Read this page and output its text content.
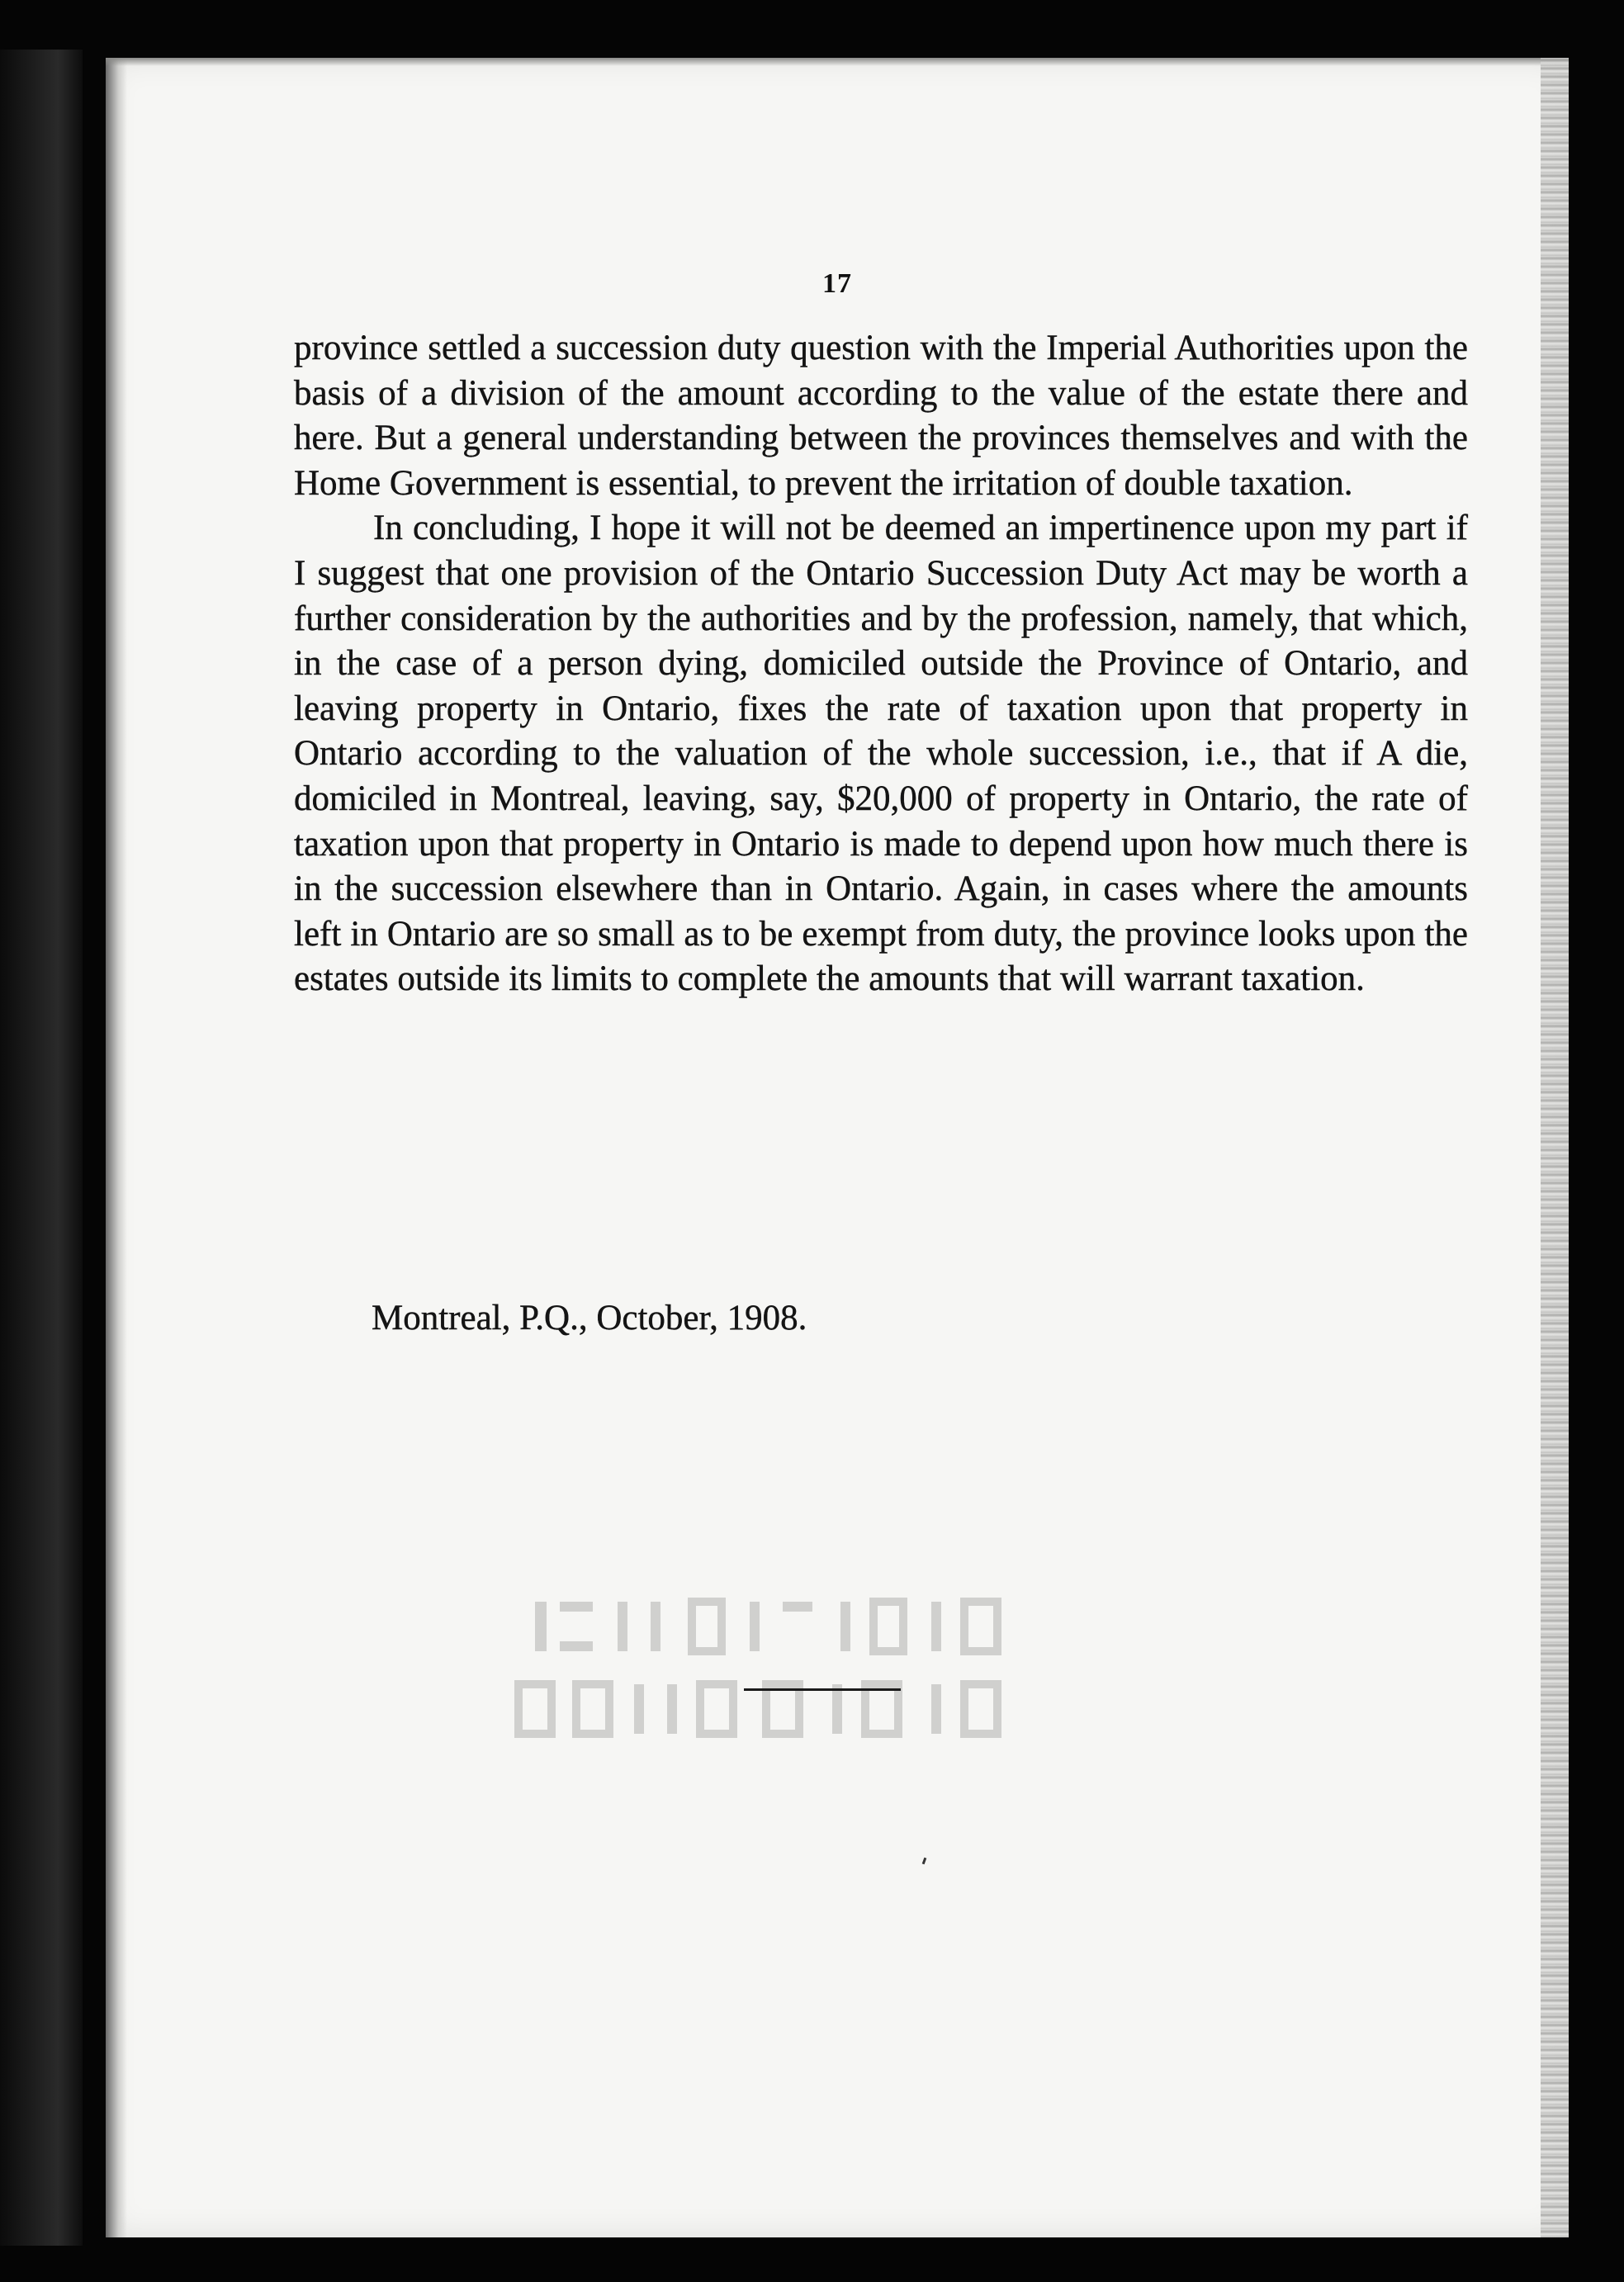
17

province settled a succession duty question with the Imperial Authorities upon the basis of a division of the amount according to the value of the estate there and here. But a general understanding between the provinces themselves and with the Home Government is essential, to prevent the irritation of double taxation.

In concluding, I hope it will not be deemed an impertinence upon my part if I suggest that one provision of the Ontario Succession Duty Act may be worth a further consideration by the authorities and by the profession, namely, that which, in the case of a person dying, domiciled outside the Province of Ontario, and leaving property in Ontario, fixes the rate of taxation upon that property in Ontario according to the valuation of the whole succession, i.e., that if A die, domiciled in Montreal, leaving, say, $20,000 of property in Ontario, the rate of taxation upon that property in Ontario is made to depend upon how much there is in the succession elsewhere than in Ontario. Again, in cases where the amounts left in Ontario are so small as to be exempt from duty, the province looks upon the estates outside its limits to complete the amounts that will warrant taxation.

Montreal, P.Q., October, 1908.
